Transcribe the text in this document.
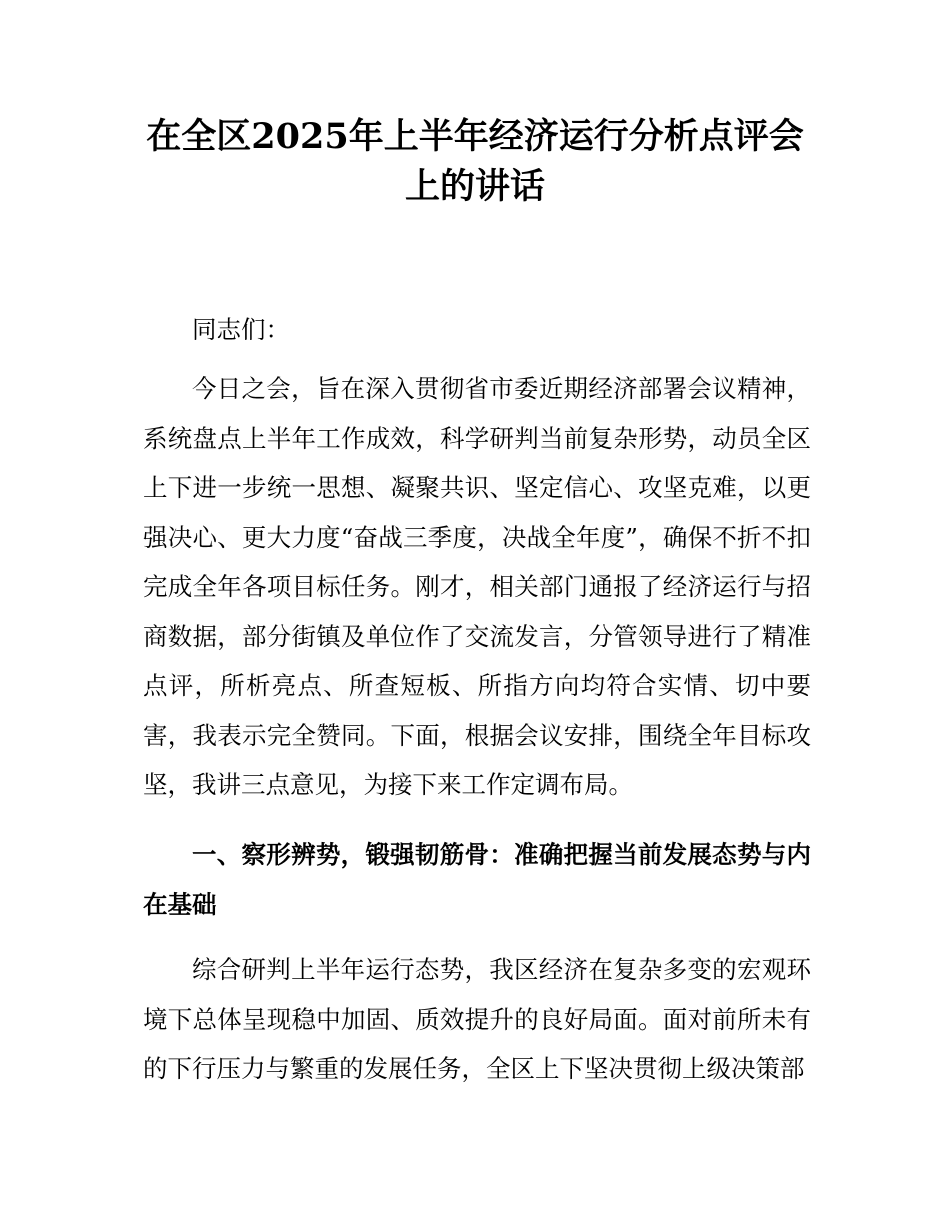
在全区2025年上半年经济运行分析点评会上的讲话

同志们：

今日之会，旨在深入贯彻省市委近期经济部署会议精神，系统盘点上半年工作成效，科学研判当前复杂形势，动员全区上下进一步统一思想、凝聚共识、坚定信心、攻坚克难，以更强决心、更大力度“奋战三季度，决战全年度”，确保不折不扣完成全年各项目标任务。刚才，相关部门通报了经济运行与招商数据，部分街镇及单位作了交流发言，分管领导进行了精准点评，所析亮点、所查短板、所指方向均符合实情、切中要害，我表示完全赞同。下面，根据会议安排，围绕全年目标攻坚，我讲三点意见，为接下来工作定调布局。

一、察形辨势，锻强韧筋骨：准确把握当前发展态势与内在基础

综合研判上半年运行态势，我区经济在复杂多变的宏观环境下总体呈现稳中加固、质效提升的良好局面。面对前所未有的下行压力与繁重的发展任务，全区上下坚决贯彻上级决策部
